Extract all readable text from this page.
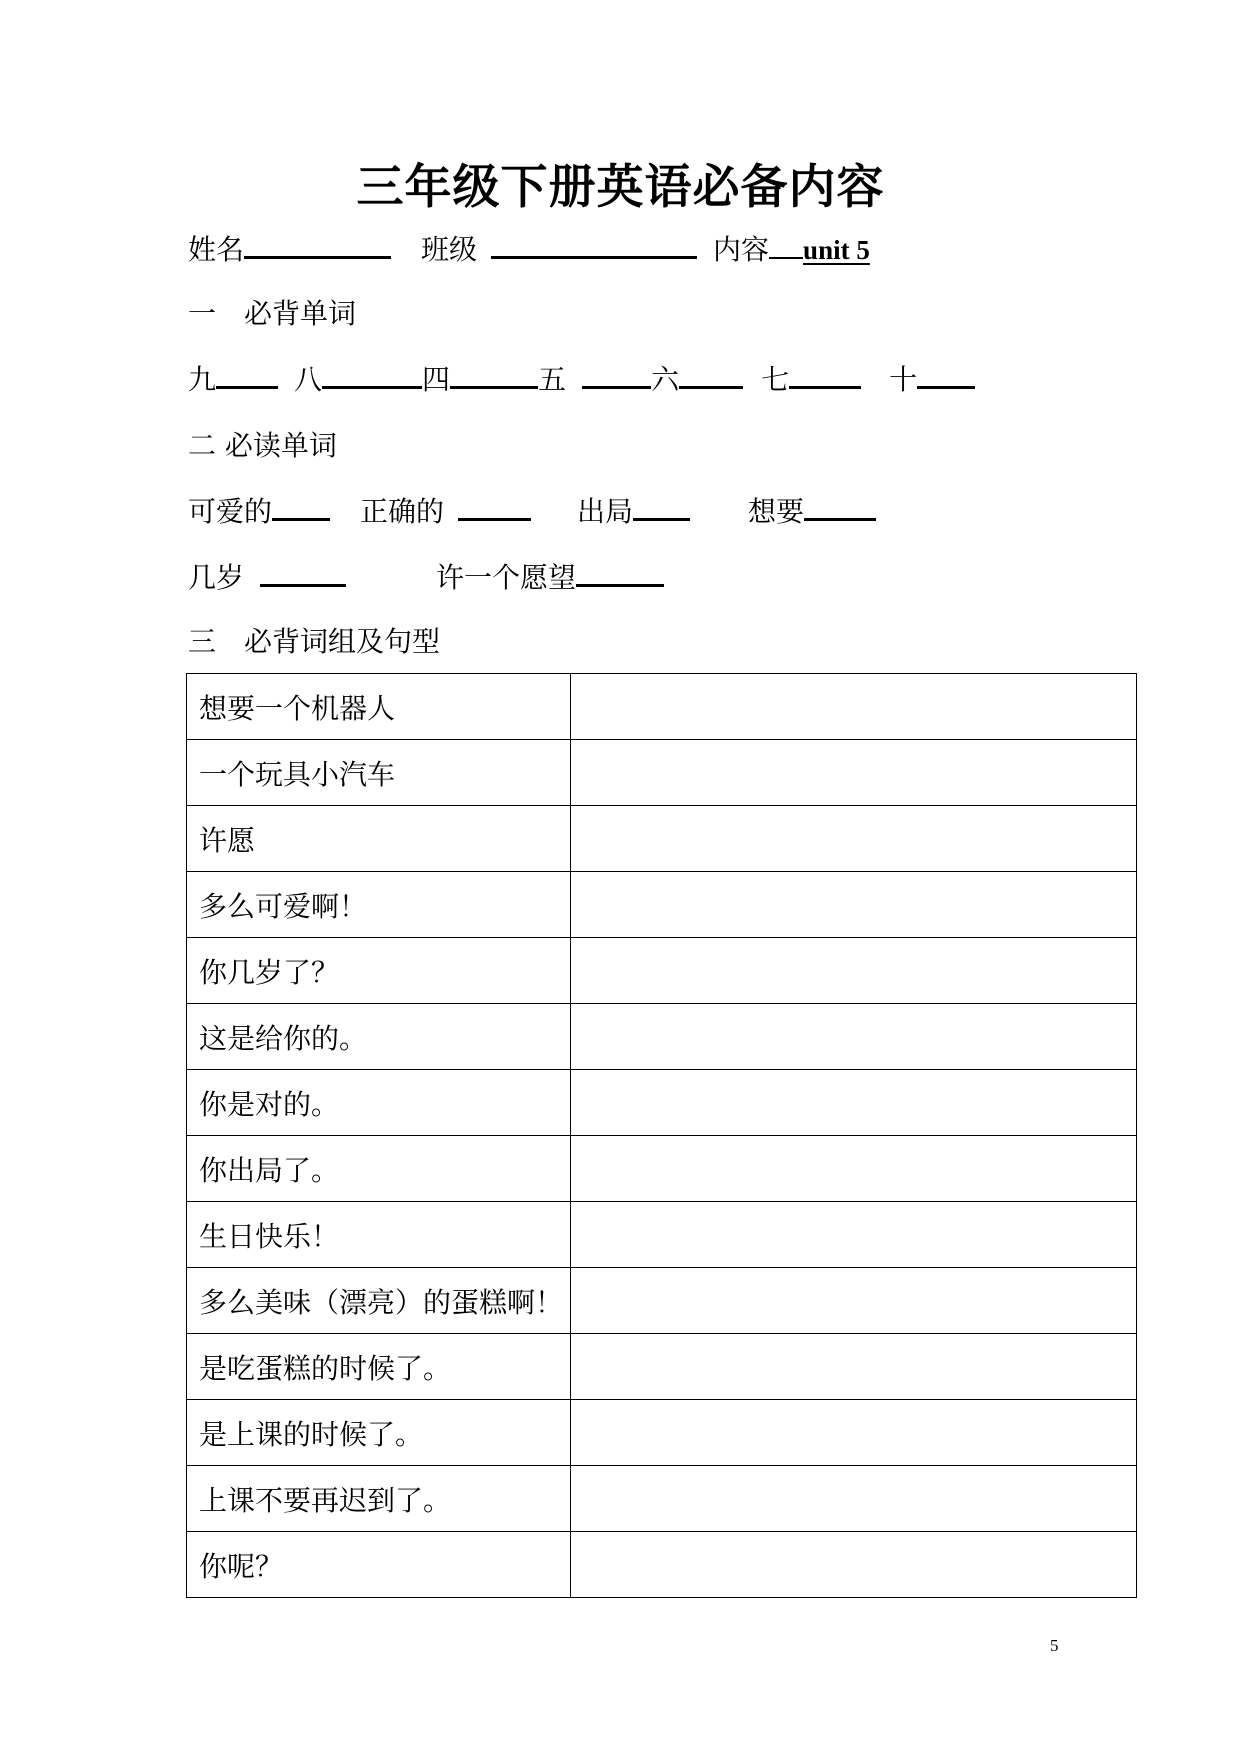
三年级下册英语必备内容
姓名	班级	内容 unit 5
一　必背单词
九	八	四	五	六	七	十
二 必读单词
可爱的	正确的	出局	想要
几岁	许一个愿望
三　必背词组及句型
想要一个机器人	
一个玩具小汽车	
许愿	
多么可爱啊！	
你几岁了？	
这是给你的。	
你是对的。	
你出局了。	
生日快乐！	
多么美味（漂亮）的蛋糕啊！	
是吃蛋糕的时候了。	
是上课的时候了。	
上课不要再迟到了。	
你呢？	
5
